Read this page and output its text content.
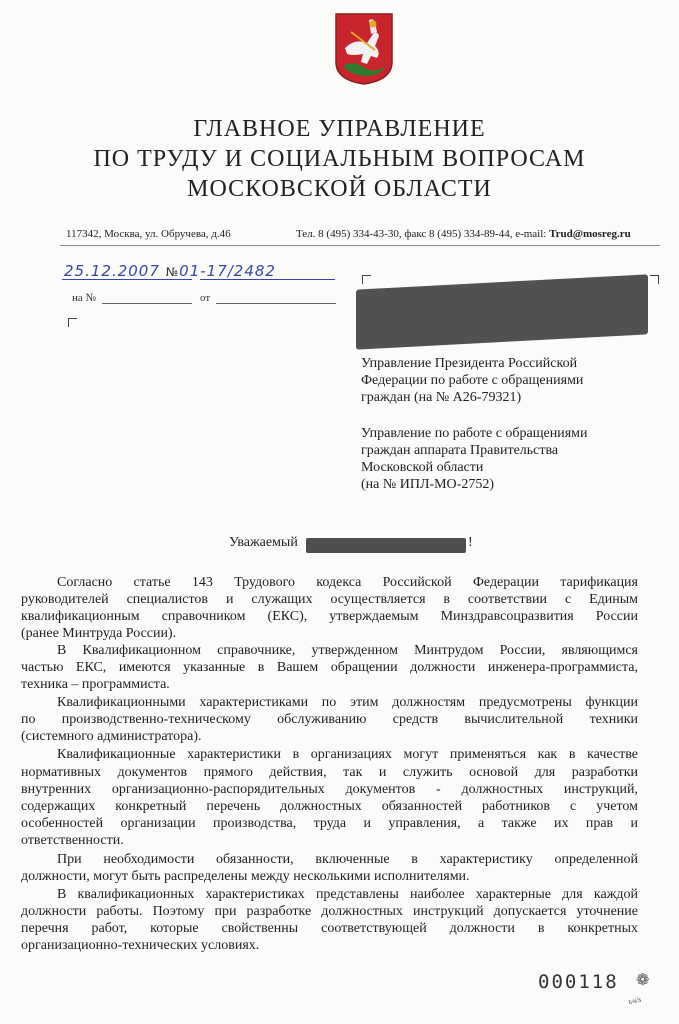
ГЛАВНОЕ УПРАВЛЕНИЕ
ПО ТРУДУ И СОЦИАЛЬНЫМ ВОПРОСАМ
МОСКОВСКОЙ ОБЛАСТИ
117342, Москва, ул. Обручева, д.46	Тел. 8 (495) 334-43-30, факс 8 (495) 334-89-44, e-mail: Trud@mosreg.ru
25.12.2007 №01-17/2482
на №	от
Управление Президента Российской
Федерации по работе с обращениями
граждан (на № А26-79321)
Управление по работе с обращениями
граждан аппарата Правительства
Московской области
(на № ИПЛ-МО-2752)
Уважаемый	!
Согласно статье 143 Трудового кодекса Российской Федерации тарификация
руководителей специалистов и служащих осуществляется в соответствии с Единым
квалификационным справочником (ЕКС), утверждаемым Минздравсоцразвития России
(ранее Минтруда России).
В Квалификационном справочнике, утвержденном Минтрудом России, являющимся
частью ЕКС, имеются указанные в Вашем обращении должности инженера-программиста,
техника – программиста.
Квалификационными характеристиками по этим должностям предусмотрены функции
по производственно-техническому обслуживанию средств вычислительной техники
(системного администратора).
Квалификационные характеристики в организациях могут применяться как в качестве
нормативных документов прямого действия, так и служить основой для разработки
внутренних организационно-распорядительных документов - должностных инструкций,
содержащих конкретный перечень должностных обязанностей работников с учетом
особенностей организации производства, труда и управления, а также их прав и
ответственности.
При необходимости обязанности, включенные в характеристику определенной
должности, могут быть распределены между несколькими исполнителями.
В квалификационных характеристиках представлены наиболее характерные для каждой
должности работы. Поэтому при разработке должностных инструкций допускается уточнение
перечня работ, которые свойственны соответствующей должности в конкретных
организационно-технических условиях.
000118 ❁
ъч/s
